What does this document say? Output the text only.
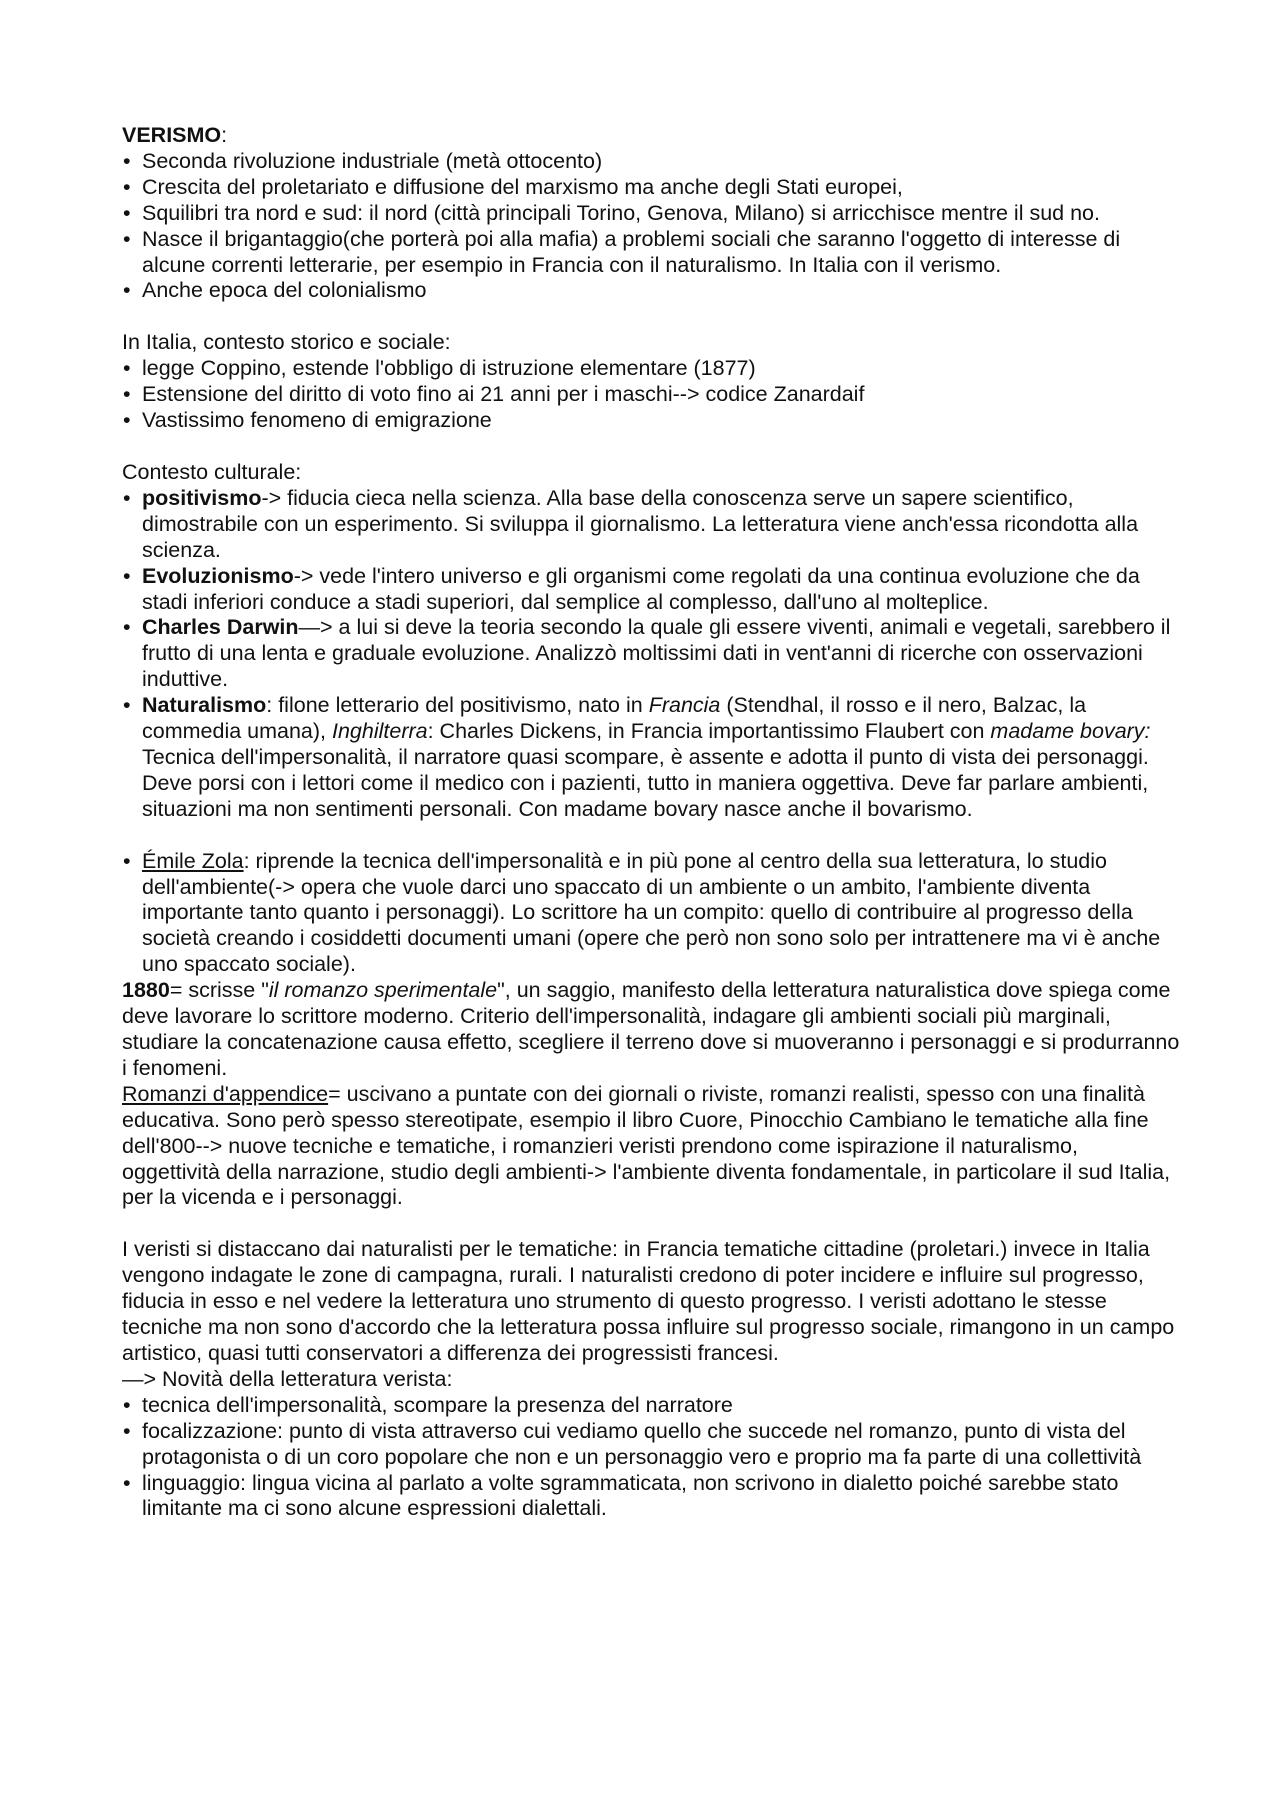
VERISMO:

• Seconda rivoluzione industriale (metà ottocento)
• Crescita del proletariato e diffusione del marxismo ma anche degli Stati europei,
• Squilibri tra nord e sud: il nord (città principali Torino, Genova, Milano) si arricchisce mentre il sud no.
• Nasce il brigantaggio(che porterà poi alla mafia) a problemi sociali che saranno l'oggetto di interesse di alcune correnti letterarie, per esempio in Francia con il naturalismo. In Italia con il verismo.
• Anche epoca del colonialismo

In Italia, contesto storico e sociale:

• legge Coppino, estende l'obbligo di istruzione elementare (1877)
• Estensione del diritto di voto fino ai 21 anni per i maschi--> codice Zanardaif
• Vastissimo fenomeno di emigrazione

Contesto culturale:

• positivismo-> fiducia cieca nella scienza. Alla base della conoscenza serve un sapere scientifico, dimostrabile con un esperimento. Si sviluppa il giornalismo. La letteratura viene anch'essa ricondotta alla scienza.
• Evoluzionismo-> vede l'intero universo e gli organismi come regolati da una continua evoluzione che da stadi inferiori conduce a stadi superiori, dal semplice al complesso, dall'uno al molteplice.
• Charles Darwin—> a lui si deve la teoria secondo la quale gli essere viventi, animali e vegetali, sarebbero il frutto di una lenta e graduale evoluzione. Analizzò moltissimi dati in vent'anni di ricerche con osservazioni induttive.
• Naturalismo: filone letterario del positivismo, nato in Francia (Stendhal, il rosso e il nero, Balzac, la commedia umana), Inghilterra: Charles Dickens, in Francia importantissimo Flaubert con madame bovary: Tecnica dell'impersonalità, il narratore quasi scompare, è assente e adotta il punto di vista dei personaggi. Deve porsi con i lettori come il medico con i pazienti, tutto in maniera oggettiva. Deve far parlare ambienti, situazioni ma non sentimenti personali. Con madame bovary nasce anche il bovarismo.
• Émile Zola: riprende la tecnica dell'impersonalità e in più pone al centro della sua letteratura, lo studio dell'ambiente(-> opera che vuole darci uno spaccato di un ambiente o un ambito, l'ambiente diventa importante tanto quanto i personaggi). Lo scrittore ha un compito: quello di contribuire al progresso della società creando i cosiddetti documenti umani (opere che però non sono solo per intrattenere ma vi è anche uno spaccato sociale).

1880= scrisse "il romanzo sperimentale", un saggio, manifesto della letteratura naturalistica dove spiega come deve lavorare lo scrittore moderno. Criterio dell'impersonalità, indagare gli ambienti sociali più marginali, studiare la concatenazione causa effetto, scegliere il terreno dove si muoveranno i personaggi e si produrranno i fenomeni.

Romanzi d'appendice= uscivano a puntate con dei giornali o riviste, romanzi realisti, spesso con una finalità educativa. Sono però spesso stereotipate, esempio il libro Cuore, Pinocchio Cambiano le tematiche alla fine dell'800--> nuove tecniche e tematiche, i romanzieri veristi prendono come ispirazione il naturalismo, oggettività della narrazione, studio degli ambienti-> l'ambiente diventa fondamentale, in particolare il sud Italia, per la vicenda e i personaggi.

I veristi si distaccano dai naturalisti per le tematiche: in Francia tematiche cittadine (proletari.) invece in Italia vengono indagate le zone di campagna, rurali. I naturalisti credono di poter incidere e influire sul progresso, fiducia in esso e nel vedere la letteratura uno strumento di questo progresso. I veristi adottano le stesse tecniche ma non sono d'accordo che la letteratura possa influire sul progresso sociale, rimangono in un campo artistico, quasi tutti conservatori a differenza dei progressisti francesi.

—> Novità della letteratura verista:

• tecnica dell'impersonalità, scompare la presenza del narratore
• focalizzazione: punto di vista attraverso cui vediamo quello che succede nel romanzo, punto di vista del protagonista o di un coro popolare che non e un personaggio vero e proprio ma fa parte di una collettività
• linguaggio: lingua vicina al parlato a volte sgrammaticata, non scrivono in dialetto poiché sarebbe stato limitante ma ci sono alcune espressioni dialettali.
